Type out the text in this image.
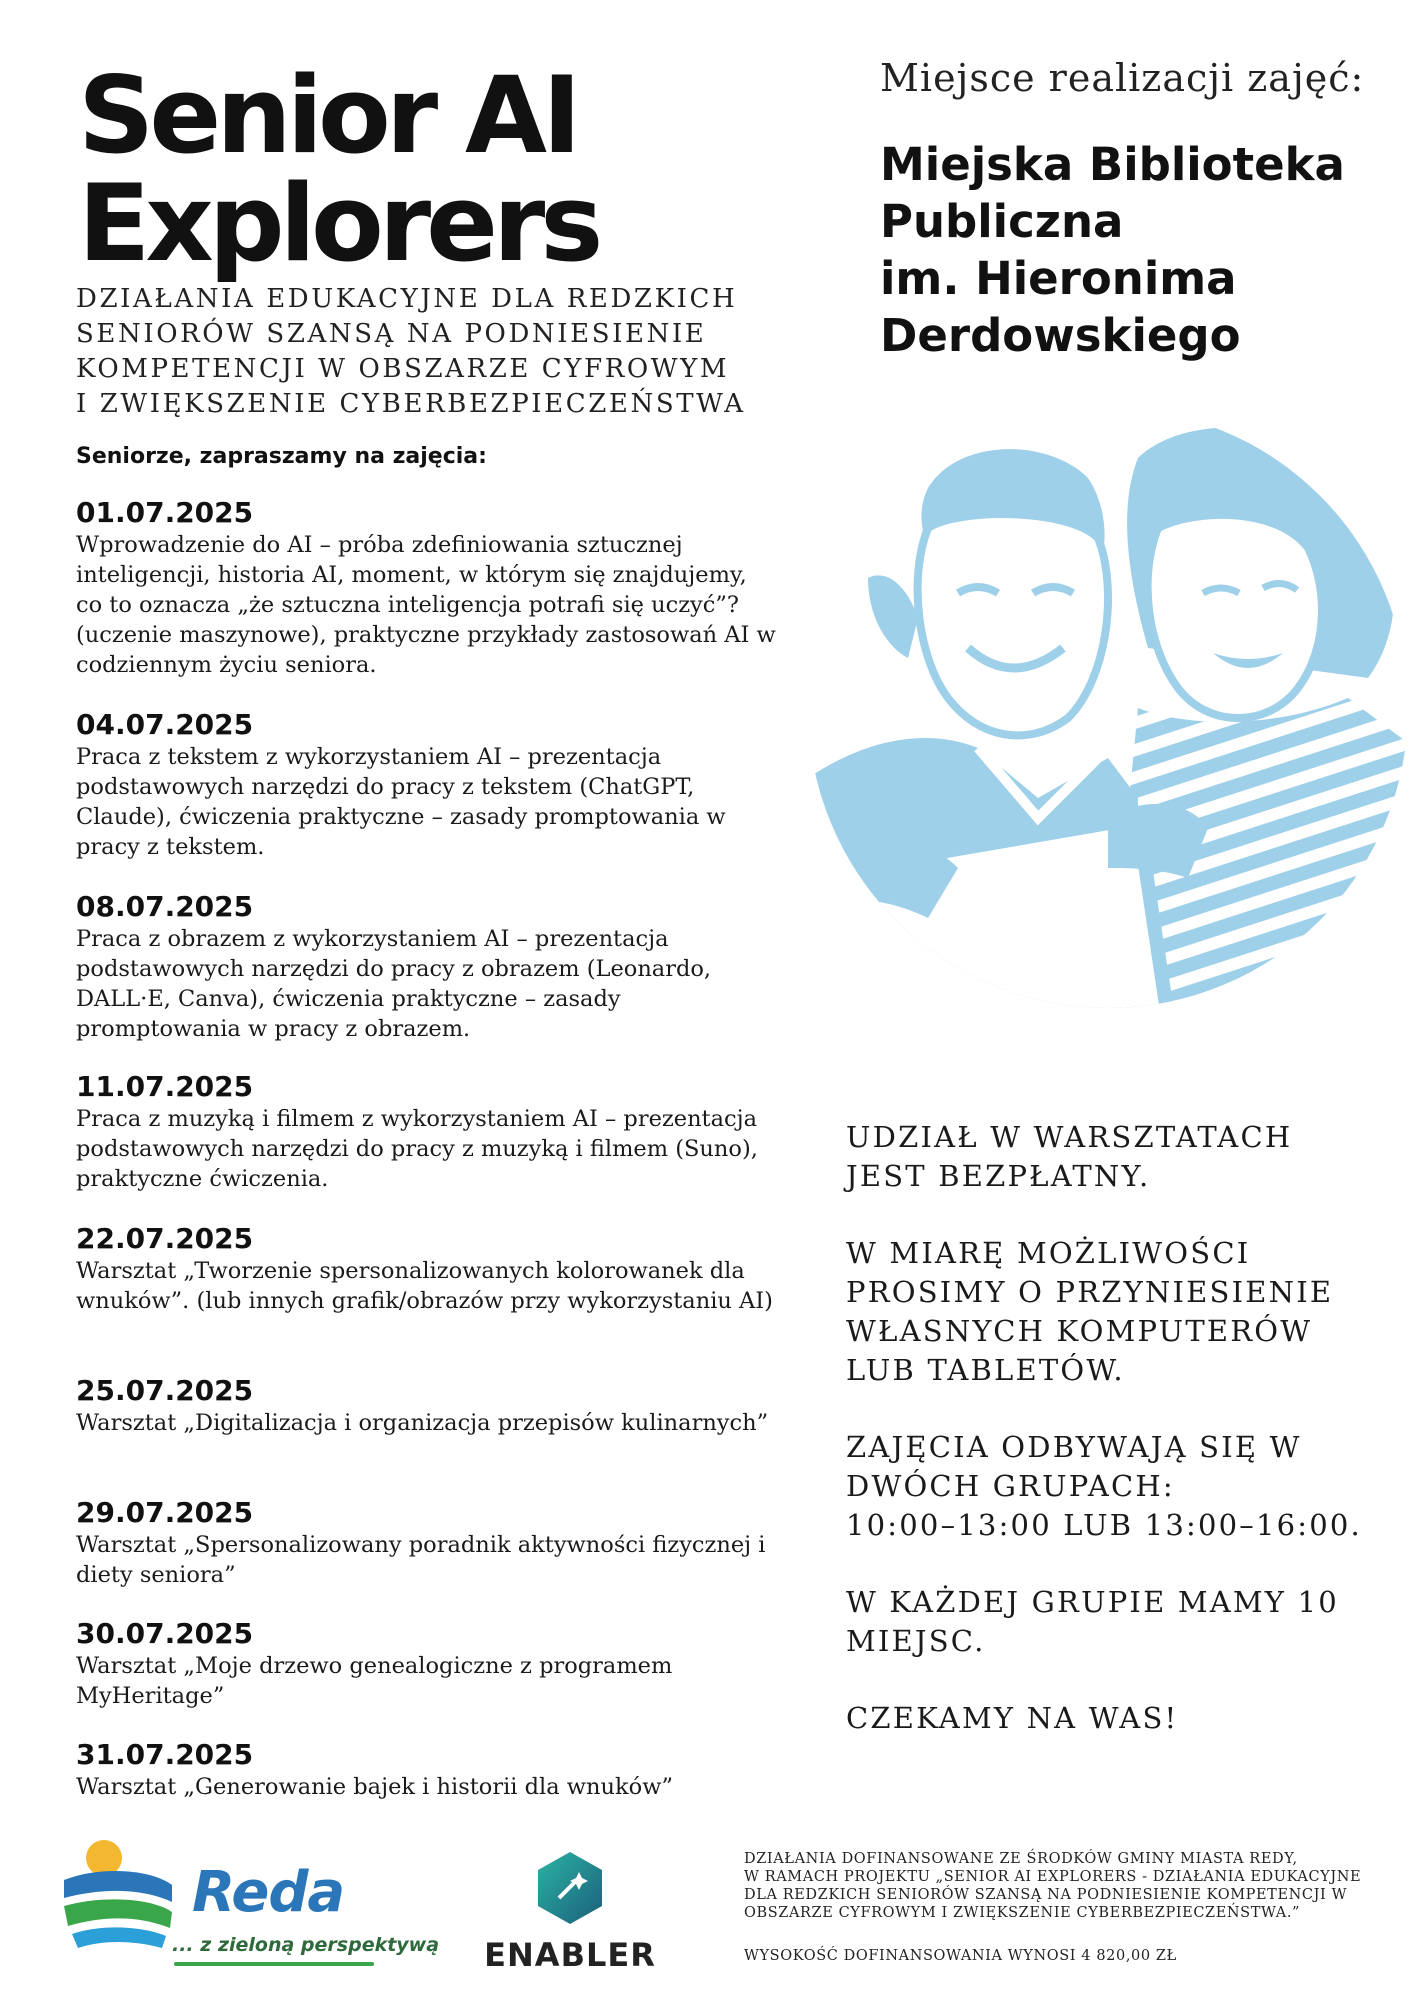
Senior AI Explorers

DZIAŁANIA EDUKACYJNE DLA REDZKICH
SENIORÓW SZANSĄ NA PODNIESIENIE
KOMPETENCJI W OBSZARZE CYFROWYM
I ZWIĘKSZENIE CYBERBEZPIECZEŃSTWA

Seniorze, zapraszamy na zajęcia:

01.07.2025
Wprowadzenie do AI – próba zdefiniowania sztucznej inteligencji, historia AI, moment, w którym się znajdujemy, co to oznacza „że sztuczna inteligencja potrafi się uczyć”? (uczenie maszynowe), praktyczne przykłady zastosowań AI w codziennym życiu seniora.
04.07.2025
Praca z tekstem z wykorzystaniem AI – prezentacja podstawowych narzędzi do pracy z tekstem (ChatGPT, Claude), ćwiczenia praktyczne – zasady promptowania w pracy z tekstem.
08.07.2025
Praca z obrazem z wykorzystaniem AI – prezentacja podstawowych narzędzi do pracy z obrazem (Leonardo, DALL·E, Canva), ćwiczenia praktyczne – zasady promptowania w pracy z obrazem.
11.07.2025
Praca z muzyką i filmem z wykorzystaniem AI – prezentacja podstawowych narzędzi do pracy z muzyką i filmem (Suno), praktyczne ćwiczenia.
22.07.2025
Warsztat „Tworzenie spersonalizowanych kolorowanek dla wnuków”. (lub innych grafik/obrazów przy wykorzystaniu AI)
25.07.2025
Warsztat „Digitalizacja i organizacja przepisów kulinarnych”
29.07.2025
Warsztat „Spersonalizowany poradnik aktywności fizycznej i diety seniora”
30.07.2025
Warsztat „Moje drzewo genealogiczne z programem MyHeritage”
31.07.2025
Warsztat „Generowanie bajek i historii dla wnuków”
Miejsce realizacji zajęć:
Miejska Biblioteka
Publiczna
im. Hieronima
Derdowskiego

UDZIAŁ W WARSZTATACH
JEST BEZPŁATNY.

W MIARĘ MOŻLIWOŚCI
PROSIMY O PRZYNIESIENIE
WŁASNYCH KOMPUTERÓW
LUB TABLETÓW.

ZAJĘCIA ODBYWAJĄ SIĘ W
DWÓCH GRUPACH:
10:00–13:00 LUB 13:00–16:00.

W KAŻDEJ GRUPIE MAMY 10
MIEJSC.

CZEKAMY NA WAS!

Reda
... z zieloną perspektywą	ENABLER
DZIAŁANIA DOFINANSOWANE ZE ŚRODKÓW GMINY MIASTA REDY,
W RAMACH PROJEKTU „SENIOR AI EXPLORERS - DZIAŁANIA EDUKACYJNE
DLA REDZKICH SENIORÓW SZANSĄ NA PODNIESIENIE KOMPETENCJI W
OBSZARZE CYFROWYM I ZWIĘKSZENIE CYBERBEZPIECZEŃSTWA.”
WYSOKOŚĆ DOFINANSOWANIA WYNOSI 4 820,00 ZŁ
